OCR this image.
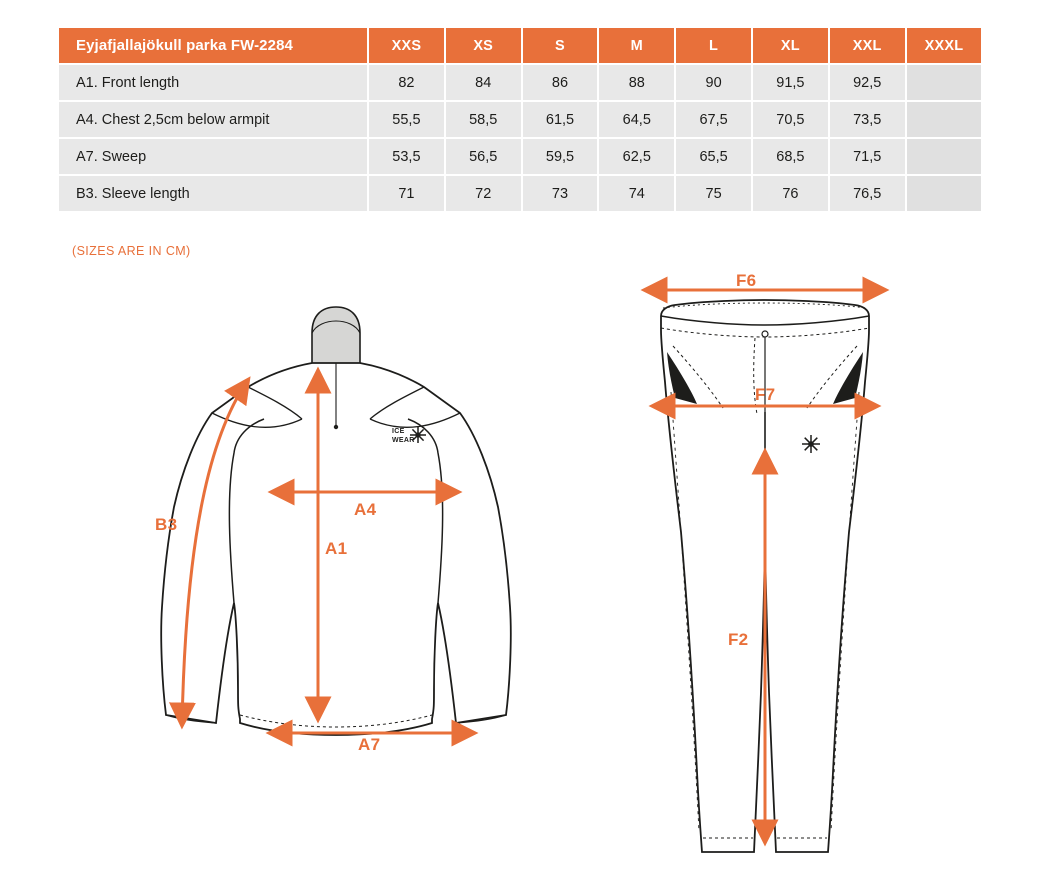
Eyjafjallajökull parka FW-2284	XXS	XS	S	M	L	XL	XXL	XXXL
A1. Front length	82	84	86	88	90	91,5	92,5	
A4. Chest 2,5cm below armpit	55,5	58,5	61,5	64,5	67,5	70,5	73,5	
A7. Sweep	53,5	56,5	59,5	62,5	65,5	68,5	71,5	
B3. Sleeve length	71	72	73	74	75	76	76,5	
(SIZES ARE IN CM)
ICE
WEAR
B3
A4
A1
A7
F6
F7
F2
